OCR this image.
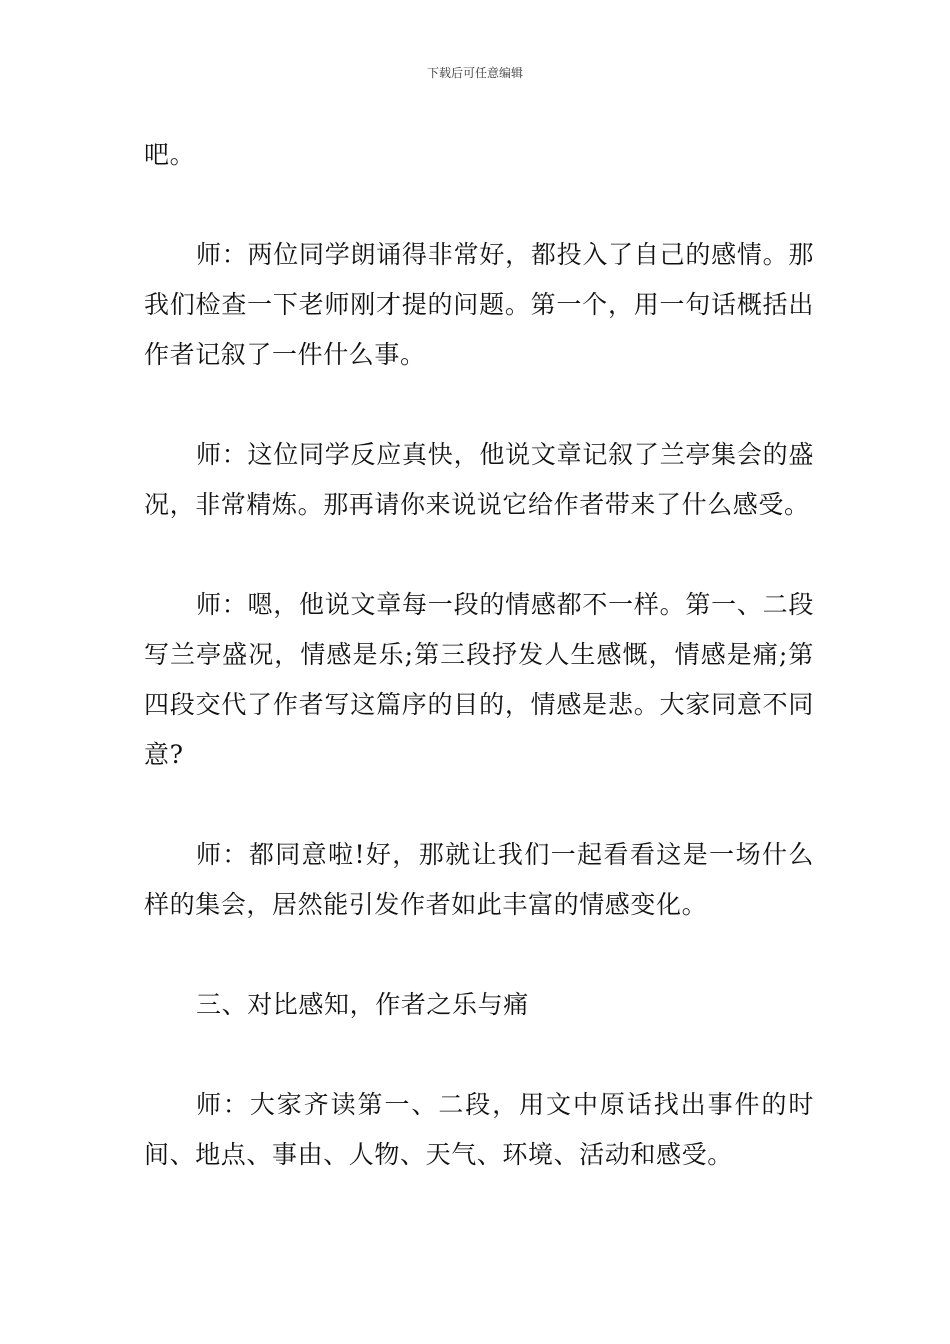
下载后可任意编辑

吧。

师：两位同学朗诵得非常好，都投入了自己的感情。那我们检查一下老师刚才提的问题。第一个，用一句话概括出作者记叙了一件什么事。

师：这位同学反应真快，他说文章记叙了兰亭集会的盛况，非常精炼。那再请你来说说它给作者带来了什么感受。

师：嗯，他说文章每一段的情感都不一样。第一、二段写兰亭盛况，情感是乐;第三段抒发人生感慨，情感是痛;第四段交代了作者写这篇序的目的，情感是悲。大家同意不同意?

师：都同意啦!好，那就让我们一起看看这是一场什么样的集会，居然能引发作者如此丰富的情感变化。

三、对比感知，作者之乐与痛

师：大家齐读第一、二段，用文中原话找出事件的时间、地点、事由、人物、天气、环境、活动和感受。
